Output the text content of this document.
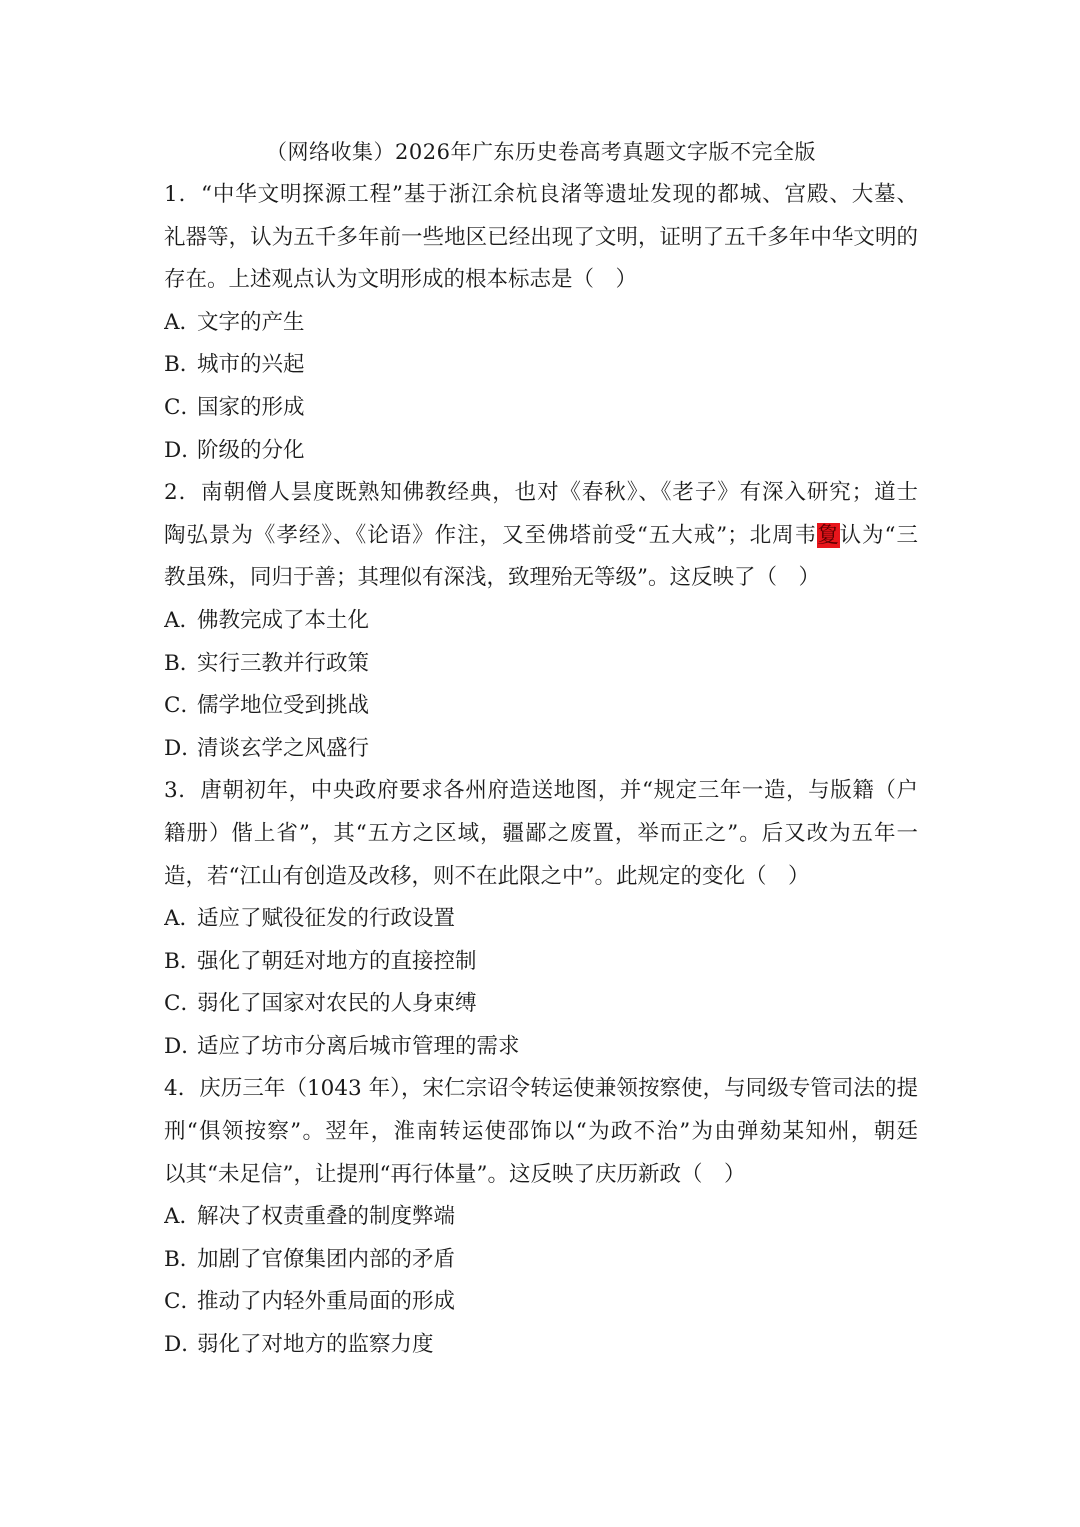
（网络收集）2026年广东历史卷高考真题文字版不完全版
1．“中华文明探源工程”基于浙江余杭良渚等遗址发现的都城、宫殿、大墓、
礼器等，认为五千多年前一些地区已经出现了文明，证明了五千多年中华文明的
存在。上述观点认为文明形成的根本标志是（　）
A．文字的产生
B．城市的兴起
C．国家的形成
D．阶级的分化
2．南朝僧人昙度既熟知佛教经典，也对《春秋》、《老子》有深入研究；道士
陶弘景为《孝经》、《论语》作注，又至佛塔前受“五大戒”；北周韦夐认为“三
教虽殊，同归于善；其理似有深浅，致理殆无等级”。这反映了（　）
A．佛教完成了本土化
B．实行三教并行政策
C．儒学地位受到挑战
D．清谈玄学之风盛行
3．唐朝初年，中央政府要求各州府造送地图，并“规定三年一造，与版籍（户
籍册）偕上省”，其“五方之区域，疆鄙之废置，举而正之”。后又改为五年一
造，若“江山有创造及改移，则不在此限之中”。此规定的变化（　）
A．适应了赋役征发的行政设置
B．强化了朝廷对地方的直接控制
C．弱化了国家对农民的人身束缚
D．适应了坊市分离后城市管理的需求
4．庆历三年（1043 年），宋仁宗诏令转运使兼领按察使，与同级专管司法的提
刑“俱领按察”。翌年，淮南转运使邵饰以“为政不治”为由弹劾某知州，朝廷
以其“未足信”，让提刑“再行体量”。这反映了庆历新政（　）
A．解决了权责重叠的制度弊端
B．加剧了官僚集团内部的矛盾
C．推动了内轻外重局面的形成
D．弱化了对地方的监察力度
